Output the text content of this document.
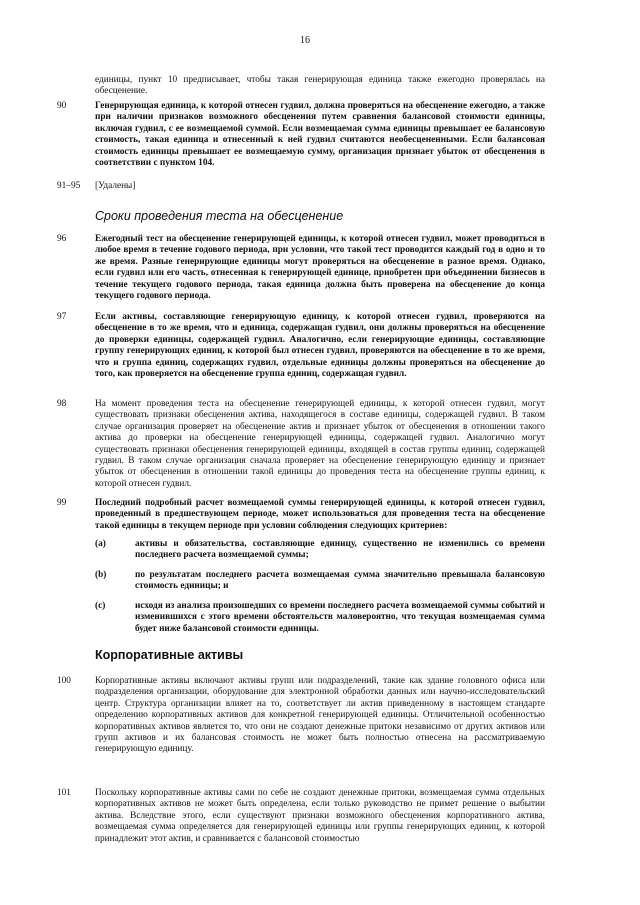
16

единицы, пункт 10 предписывает, чтобы такая генерирующая единица также ежегодно проверялась на обесценение.

90	Генерирующая единица, к которой отнесен гудвил, должна проверяться на обесценение ежегодно, а также при наличии признаков возможного обесценения путем сравнения балансовой стоимости единицы, включая гудвил, с ее возмещаемой суммой. Если возмещаемая сумма единицы превышает ее балансовую стоимость, такая единица и отнесенный к ней гудвил считаются необесцененными. Если балансовая стоимость единицы превышает ее возмещаемую сумму, организация признает убыток от обесценения в соответствии с пунктом 104.

91–95 [Удалены]

Сроки проведения теста на обесценение
96	Ежегодный тест на обесценение генерирующей единицы, к которой отнесен гудвил, может проводиться в любое время в течение годового периода, при условии, что такой тест проводится каждый год в одно и то же время. Разные генерирующие единицы могут проверяться на обесценение в разное время. Однако, если гудвил или его часть, отнесенная к генерирующей единице, приобретен при объединении бизнесов в течение текущего годового периода, такая единица должна быть проверена на обесценение до конца текущего годового периода.

97	Если активы, составляющие генерирующую единицу, к которой отнесен гудвил, проверяются на обесценение в то же время, что и единица, содержащая гудвил, они должны проверяться на обесценение до проверки единицы, содержащей гудвил. Аналогично, если генерирующие единицы, составляющие группу генерирующих единиц, к которой был отнесен гудвил, проверяются на обесценение в то же время, что и группа единиц, содержащих гудвил, отдельные единицы должны проверяться на обесценение до того, как проверяется на обесценение группа единиц, содержащая гудвил.

98	На момент проведения теста на обесценение генерирующей единицы, к которой отнесен гудвил, могут существовать признаки обесценения актива, находящегося в составе единицы, содержащей гудвил. В таком случае организация проверяет на обесценение актив и признает убыток от обесценения в отношении такого актива до проверки на обесценение генерирующей единицы, содержащей гудвил. Аналогично могут существовать признаки обесценения генерирующей единицы, входящей в состав группы единиц, содержащей гудвил. В таком случае организация сначала проверяет на обесценение генерирующую единицу и признает убыток от обесценения в отношении такой единицы до проведения теста на обесценение группы единиц, к которой отнесен гудвил.

99	Последний подробный расчет возмещаемой суммы генерирующей единицы, к которой отнесен гудвил, проведенный в предшествующем периоде, может использоваться для проведения теста на обесценение такой единицы в текущем периоде при условии соблюдения следующих критериев:

(a)	активы и обязательства, составляющие единицу, существенно не изменились со времени последнего расчета возмещаемой суммы;

(b)	по результатам последнего расчета возмещаемая сумма значительно превышала балансовую стоимость единицы; и

(c)	исходя из анализа произошедших со времени последнего расчета возмещаемой суммы событий и изменившихся с этого времени обстоятельств маловероятно, что текущая возмещаемая сумма будет ниже балансовой стоимости единицы.

Корпоративные активы
100	Корпоративные активы включают активы групп или подразделений, такие как здание головного офиса или подразделения организации, оборудование для электронной обработки данных или научно-исследовательский центр. Структура организации влияет на то, соответствует ли актив приведенному в настоящем стандарте определению корпоративных активов для конкретной генерирующей единицы. Отличительной особенностью корпоративных активов является то, что они не создают денежные притоки независимо от других активов или групп активов и их балансовая стоимость не может быть полностью отнесена на рассматриваемую генерирующую единицу.

101	Поскольку корпоративные активы сами по себе не создают денежные притоки, возмещаемая сумма отдельных корпоративных активов не может быть определена, если только руководство не примет решение о выбытии актива. Вследствие этого, если существуют признаки возможного обесценения корпоративного актива, возмещаемая сумма определяется для генерирующей единицы или группы генерирующих единиц, к которой принадлежит этот актив, и сравнивается с балансовой стоимостью
